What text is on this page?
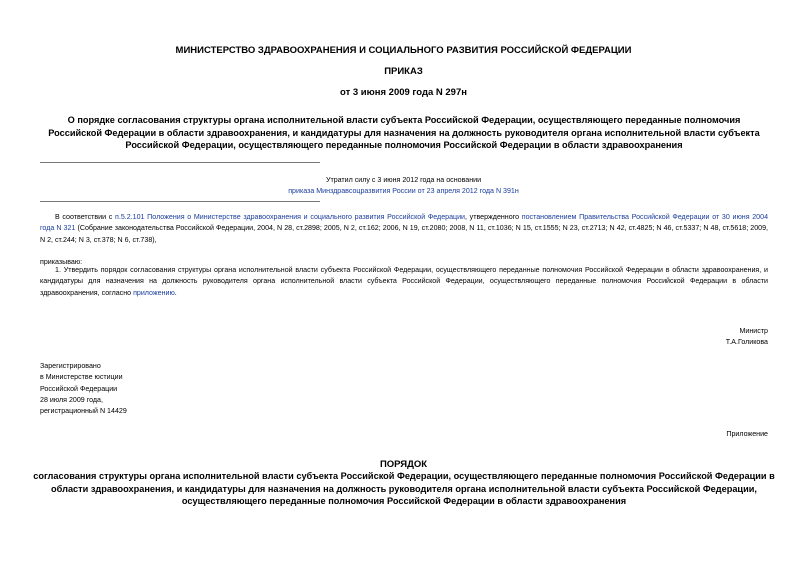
МИНИСТЕРСТВО ЗДРАВООХРАНЕНИЯ И СОЦИАЛЬНОГО РАЗВИТИЯ РОССИЙСКОЙ ФЕДЕРАЦИИ
ПРИКАЗ
от 3 июня 2009 года N 297н
О порядке согласования структуры органа исполнительной власти субъекта Российской Федерации, осуществляющего переданные полномочия Российской Федерации в области здравоохранения, и кандидатуры для назначения на должность руководителя органа исполнительной власти субъекта Российской Федерации, осуществляющего переданные полномочия Российской Федерации в области здравоохранения
Утратил силу с 3 июня 2012 года на основании
приказа Минздравсоцразвития России от 23 апреля 2012 года N 391н
В соответствии с п.5.2.101 Положения о Министерстве здравоохранения и социального развития Российской Федерации, утвержденного постановлением Правительства Российской Федерации от 30 июня 2004 года N 321 (Собрание законодательства Российской Федерации, 2004, N 28, ст.2898; 2005, N 2, ст.162; 2006, N 19, ст.2080; 2008, N 11, ст.1036; N 15, ст.1555; N 23, ст.2713; N 42, ст.4825; N 46, ст.5337; N 48, ст.5618; 2009, N 2, ст.244; N 3, ст.378; N 6, ст.738),
приказываю:
1. Утвердить порядок согласования структуры органа исполнительной власти субъекта Российской Федерации, осуществляющего переданные полномочия Российской Федерации в области здравоохранения, и кандидатуры для назначения на должность руководителя органа исполнительной власти субъекта Российской Федерации, осуществляющего переданные полномочия Российской Федерации в области здравоохранения, согласно приложению.
Министр
Т.А.Голикова
Зарегистрировано
в Министерстве юстиции
Российской Федерации
28 июля 2009 года,
регистрационный N 14429
Приложение
ПОРЯДОК
согласования структуры органа исполнительной власти субъекта Российской Федерации, осуществляющего переданные полномочия Российской Федерации в области здравоохранения, и кандидатуры для назначения на должность руководителя органа исполнительной власти субъекта Российской Федерации, осуществляющего переданные полномочия Российской Федерации в области здравоохранения
